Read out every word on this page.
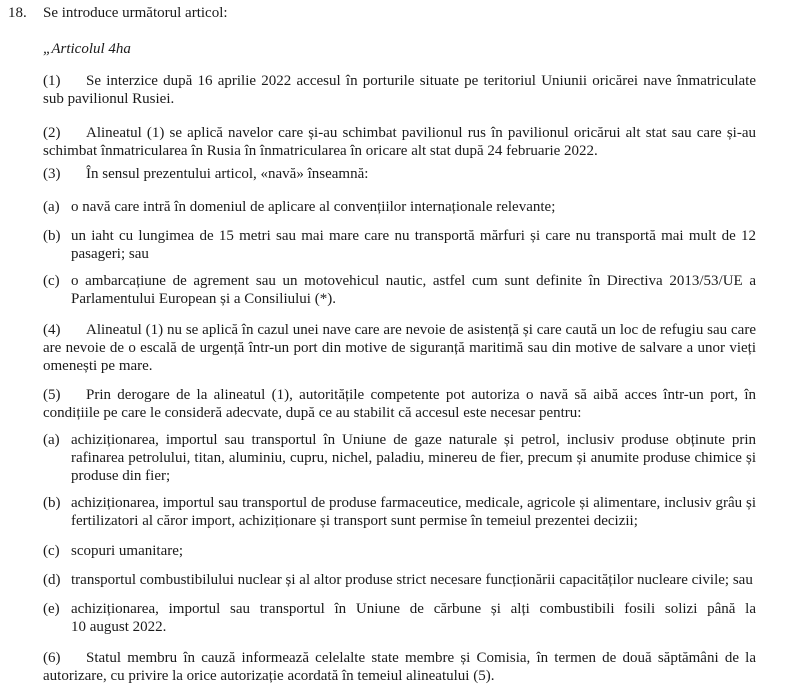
18. Se introduce următorul articol:
„Articolul 4ha
(1) Se interzice după 16 aprilie 2022 accesul în porturile situate pe teritoriul Uniunii oricărei nave înmatriculate
sub pavilionul Rusiei.
(2) Alineatul (1) se aplică navelor care și-au schimbat pavilionul rus în pavilionul oricărui alt stat sau care și-au
schimbat înmatricularea în Rusia în înmatricularea în oricare alt stat după 24 februarie 2022.
(3) În sensul prezentului articol, «navă» înseamnă:
(a) o navă care intră în domeniul de aplicare al convențiilor internaționale relevante;
(b) un iaht cu lungimea de 15 metri sau mai mare care nu transportă mărfuri și care nu transportă mai mult de 12
pasageri; sau
(c) o ambarcațiune de agrement sau un motovehicul nautic, astfel cum sunt definite în Directiva 2013/53/UE a
Parlamentului European și a Consiliului (*).
(4) Alineatul (1) nu se aplică în cazul unei nave care are nevoie de asistență și care caută un loc de refugiu sau care
are nevoie de o escală de urgență într-un port din motive de siguranță maritimă sau din motive de salvare a unor vieți
omenești pe mare.
(5) Prin derogare de la alineatul (1), autoritățile competente pot autoriza o navă să aibă acces într-un port, în
condițiile pe care le consideră adecvate, după ce au stabilit că accesul este necesar pentru:
(a) achiziționarea, importul sau transportul în Uniune de gaze naturale și petrol, inclusiv produse obținute prin
rafinarea petrolului, titan, aluminiu, cupru, nichel, paladiu, minereu de fier, precum și anumite produse chimice și
produse din fier;
(b) achiziționarea, importul sau transportul de produse farmaceutice, medicale, agricole și alimentare, inclusiv grâu și
fertilizatori al căror import, achiziționare și transport sunt permise în temeiul prezentei decizii;
(c) scopuri umanitare;
(d) transportul combustibilului nuclear și al altor produse strict necesare funcționării capacităților nucleare civile; sau
(e) achiziționarea, importul sau transportul în Uniune de cărbune și alți combustibili fosili solizi până la
10 august 2022.
(6) Statul membru în cauză informează celelalte state membre și Comisia, în termen de două săptămâni de la
autorizare, cu privire la orice autorizație acordată în temeiul alineatului (5).
